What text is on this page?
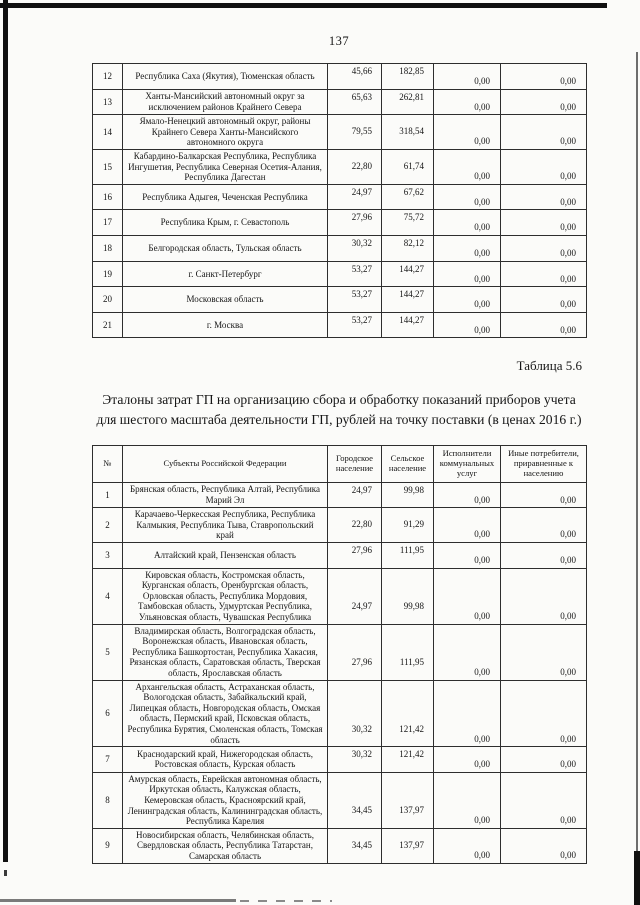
137
12	Республика Саха (Якутия), Тюменская область	45,66	182,85	0,00	0,00
13	Ханты-Мансийский автономный округ за исключением районов Крайнего Севера	65,63	262,81	0,00	0,00
14	Ямало-Ненецкий автономный округ, районы Крайнего Севера Ханты-Мансийского автономного округа	79,55	318,54	0,00	0,00
15	Кабардино-Балкарская Республика, Республика Ингушетия, Республика Северная Осетия-Алания, Республика Дагестан	22,80	61,74	0,00	0,00
16	Республика Адыгея, Чеченская Республика	24,97	67,62	0,00	0,00
17	Республика Крым, г. Севастополь	27,96	75,72	0,00	0,00
18	Белгородская область, Тульская область	30,32	82,12	0,00	0,00
19	г. Санкт-Петербург	53,27	144,27	0,00	0,00
20	Московская область	53,27	144,27	0,00	0,00
21	г. Москва	53,27	144,27	0,00	0,00
Таблица 5.6
Эталоны затрат ГП на организацию сбора и обработку показаний приборов учета для шестого масштаба деятельности ГП, рублей на точку поставки (в ценах 2016 г.)
№	Субъекты Российской Федерации	Городское население	Сельское население	Исполнители коммунальных услуг	Иные потребители, приравненные к населению
1	Брянская область, Республика Алтай, Республика Марий Эл	24,97	99,98	0,00	0,00
2	Карачаево-Черкесская Республика, Республика Калмыкия, Республика Тыва, Ставропольский край	22,80	91,29	0,00	0,00
3	Алтайский край, Пензенская область	27,96	111,95	0,00	0,00
4	Кировская область, Костромская область, Курганская область, Оренбургская область, Орловская область, Республика Мордовия, Тамбовская область, Удмуртская Республика, Ульяновская область, Чувашская Республика	24,97	99,98	0,00	0,00
5	Владимирская область, Волгоградская область, Воронежская область, Ивановская область, Республика Башкортостан, Республика Хакасия, Рязанская область, Саратовская область, Тверская область, Ярославская область	27,96	111,95	0,00	0,00
6	Архангельская область, Астраханская область, Вологодская область, Забайкальский край, Липецкая область, Новгородская область, Омская область, Пермский край, Псковская область, Республика Бурятия, Смоленская область, Томская область	30,32	121,42	0,00	0,00
7	Краснодарский край, Нижегородская область, Ростовская область, Курская область	30,32	121,42	0,00	0,00
8	Амурская область, Еврейская автономная область, Иркутская область, Калужская область, Кемеровская область, Красноярский край, Ленинградская область, Калининградская область, Республика Карелия	34,45	137,97	0,00	0,00
9	Новосибирская область, Челябинская область, Свердловская область, Республика Татарстан, Самарская область	34,45	137,97	0,00	0,00
